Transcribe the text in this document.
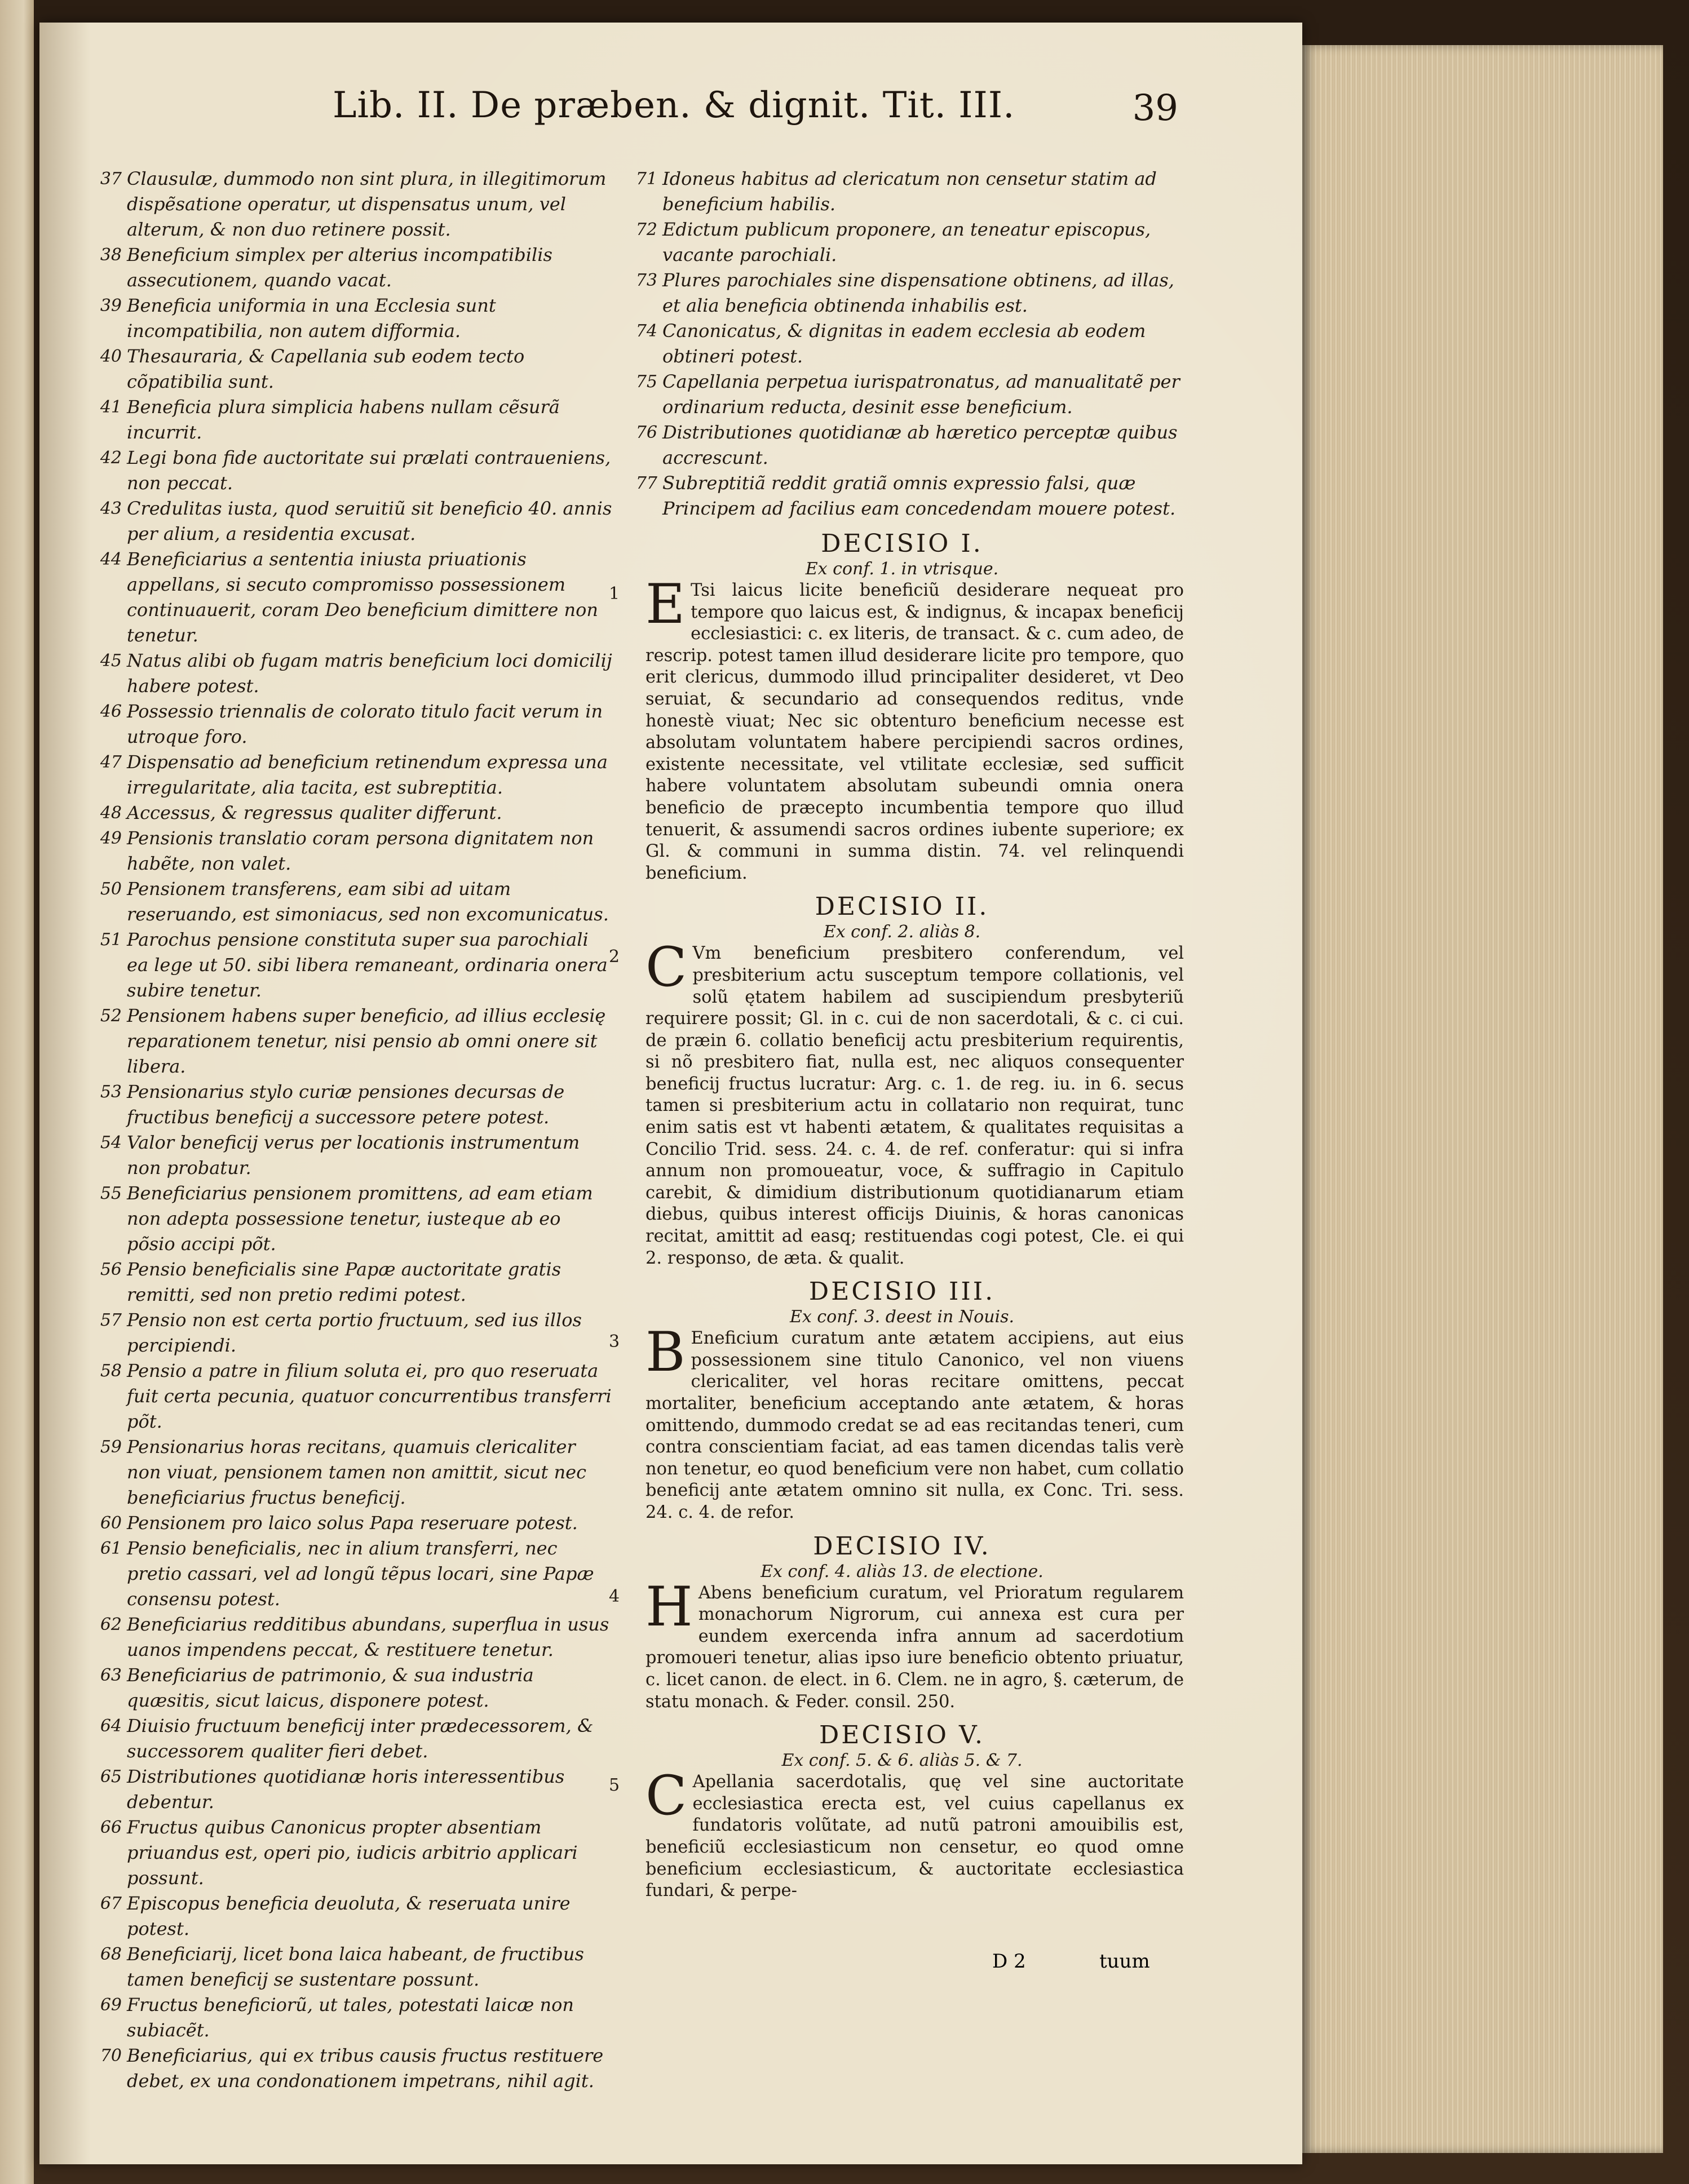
Lib. II. De præben. & dignit. Tit. III.	39
37 Clausulæ, dummodo non sint plura, in illegitimorum dispẽsatione operatur, ut dispensatus unum, vel alterum, & non duo retinere possit.
38 Beneficium simplex per alterius incompatibilis assecutionem, quando vacat.
39 Beneficia uniformia in una Ecclesia sunt incompatibilia, non autem difformia.
40 Thesauraria, & Capellania sub eodem tecto cõpatibilia sunt.
41 Beneficia plura simplicia habens nullam cẽsurã incurrit.
42 Legi bona fide auctoritate sui prælati contraueniens, non peccat.
43 Credulitas iusta, quod seruitiũ sit beneficio 40. annis per alium, a residentia excusat.
44 Beneficiarius a sententia iniusta priuationis appellans, si secuto compromisso possessionem continuauerit, coram Deo beneficium dimittere non tenetur.
45 Natus alibi ob fugam matris beneficium loci domicilij habere potest.
46 Possessio triennalis de colorato titulo facit verum in utroque foro.
47 Dispensatio ad beneficium retinendum expressa una irregularitate, alia tacita, est subreptitia.
48 Accessus, & regressus qualiter differunt.
49 Pensionis translatio coram persona dignitatem non habẽte, non valet.
50 Pensionem transferens, eam sibi ad uitam reseruando, est simoniacus, sed non excomunicatus.
51 Parochus pensione constituta super sua parochiali ea lege ut 50. sibi libera remaneant, ordinaria onera subire tenetur.
52 Pensionem habens super beneficio, ad illius ecclesię reparationem tenetur, nisi pensio ab omni onere sit libera.
53 Pensionarius stylo curiæ pensiones decursas de fructibus beneficij a successore petere potest.
54 Valor beneficij verus per locationis instrumentum non probatur.
55 Beneficiarius pensionem promittens, ad eam etiam non adepta possessione tenetur, iusteque ab eo põsio accipi põt.
56 Pensio beneficialis sine Papæ auctoritate gratis remitti, sed non pretio redimi potest.
57 Pensio non est certa portio fructuum, sed ius illos percipiendi.
58 Pensio a patre in filium soluta ei, pro quo reseruata fuit certa pecunia, quatuor concurrentibus transferri põt.
59 Pensionarius horas recitans, quamuis clericaliter non viuat, pensionem tamen non amittit, sicut nec beneficiarius fructus beneficij.
60 Pensionem pro laico solus Papa reseruare potest.
61 Pensio beneficialis, nec in alium transferri, nec pretio cassari, vel ad longũ tẽpus locari, sine Papæ consensu potest.
62 Beneficiarius redditibus abundans, superflua in usus uanos impendens peccat, & restituere tenetur.
63 Beneficiarius de patrimonio, & sua industria quæsitis, sicut laicus, disponere potest.
64 Diuisio fructuum beneficij inter prædecessorem, & successorem qualiter fieri debet.
65 Distributiones quotidianæ horis interessentibus debentur.
66 Fructus quibus Canonicus propter absentiam priuandus est, operi pio, iudicis arbitrio applicari possunt.
67 Episcopus beneficia deuoluta, & reseruata unire potest.
68 Beneficiarij, licet bona laica habeant, de fructibus tamen beneficij se sustentare possunt.
69 Fructus beneficiorũ, ut tales, potestati laicæ non subiacẽt.
70 Beneficiarius, qui ex tribus causis fructus restituere debet, ex una condonationem impetrans, nihil agit.
71 Idoneus habitus ad clericatum non censetur statim ad beneficium habilis.
72 Edictum publicum proponere, an teneatur episcopus, vacante parochiali.
73 Plures parochiales sine dispensatione obtinens, ad illas, et alia beneficia obtinenda inhabilis est.
74 Canonicatus, & dignitas in eadem ecclesia ab eodem obtineri potest.
75 Capellania perpetua iurispatronatus, ad manualitatẽ per ordinarium reducta, desinit esse beneficium.
76 Distributiones quotidianæ ab hæretico perceptæ quibus accrescunt.
77 Subreptitiã reddit gratiã omnis expressio falsi, quæ Principem ad facilius eam concedendam mouere potest.
DECISIO I.
Ex conf. 1. in vtrisque.
1 E Tsi laicus licite beneficiũ desiderare nequeat pro tempore quo laicus est, & indignus, & incapax beneficij ecclesiastici: c. ex literis, de transact. & c. cum adeo, de rescrip. potest tamen illud desiderare licite pro tempore, quo erit clericus, dummodo illud principaliter desideret, vt Deo seruiat, & secundario ad consequendos reditus, vnde honestè viuat; Nec sic obtenturo beneficium necesse est absolutam voluntatem habere percipiendi sacros ordines, existente necessitate, vel vtilitate ecclesiæ, sed sufficit habere voluntatem absolutam subeundi omnia onera beneficio de præcepto incumbentia tempore quo illud tenuerit, & assumendi sacros ordines iubente superiore; ex Gl. & communi in summa distin. 74. vel relinquendi beneficium.
DECISIO II.
Ex conf. 2. aliàs 8.
2 C Vm beneficium presbitero conferendum, vel presbiterium actu susceptum tempore collationis, vel solũ ętatem habilem ad suscipiendum presbyteriũ requirere possit; Gl. in c. cui de non sacerdotali, & c. ci cui. de præin 6. collatio beneficij actu presbiterium requirentis, si nõ presbitero fiat, nulla est, nec aliquos consequenter beneficij fructus lucratur: Arg. c. 1. de reg. iu. in 6. secus tamen si presbiterium actu in collatario non requirat, tunc enim satis est vt habenti ætatem, & qualitates requisitas a Concilio Trid. sess. 24. c. 4. de ref. conferatur: qui si infra annum non promoueatur, voce, & suffragio in Capitulo carebit, & dimidium distributionum quotidianarum etiam diebus, quibus interest officijs Diuinis, & horas canonicas recitat, amittit ad easq; restituendas cogi potest, Cle. ei qui 2. responso, de æta. & qualit.
DECISIO III.
Ex conf. 3. deest in Nouis.
3 B Eneficium curatum ante ætatem accipiens, aut eius possessionem sine titulo Canonico, vel non viuens clericaliter, vel horas recitare omittens, peccat mortaliter, beneficium acceptando ante ætatem, & horas omittendo, dummodo credat se ad eas recitandas teneri, cum contra conscientiam faciat, ad eas tamen dicendas talis verè non tenetur, eo quod beneficium vere non habet, cum collatio beneficij ante ætatem omnino sit nulla, ex Conc. Tri. sess. 24. c. 4. de refor.
DECISIO IV.
Ex conf. 4. aliàs 13. de electione.
4 H Abens beneficium curatum, vel Prioratum regularem monachorum Nigrorum, cui annexa est cura per eundem exercenda infra annum ad sacerdotium promoueri tenetur, alias ipso iure beneficio obtento priuatur, c. licet canon. de elect. in 6. Clem. ne in agro, §. cæterum, de statu monach. & Feder. consil. 250.
DECISIO V.
Ex conf. 5. & 6. aliàs 5. & 7.
5 C Apellania sacerdotalis, quę vel sine auctoritate ecclesiastica erecta est, vel cuius capellanus ex fundatoris volũtate, ad nutũ patroni amouibilis est, beneficiũ ecclesiasticum non censetur, eo quod omne beneficium ecclesiasticum, & auctoritate ecclesiastica fundari, & perpe-
D 2	tuum
